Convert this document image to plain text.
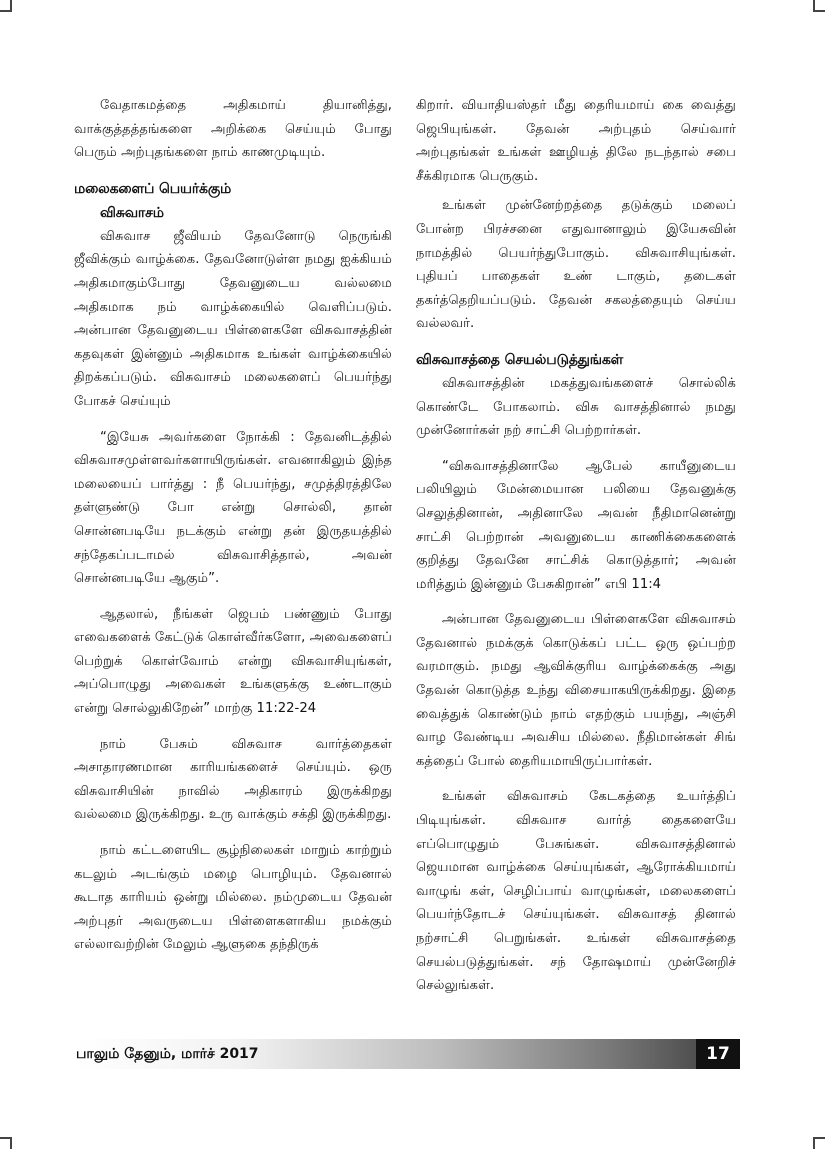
வேதாகமத்தை அதிகமாய் தியானித்து, வாக்குத்தத்தங்களை அறிக்கை செய்யும் போது பெரும் அற்புதங்களை நாம் காணமுடியும்.

மலைகளைப் பெயர்க்கும்
விசுவாசம்

விசுவாச ஜீவியம் தேவனோடு நெருங்கி ஜீவிக்கும் வாழ்க்கை. தேவனோடுள்ள நமது ஐக்கியம் அதிகமாகும்போது தேவனுடைய வல்லமை அதிகமாக நம் வாழ்க்கையில் வெளிப்படும். அன்பான தேவனுடைய பிள்ளைகளே விசுவாசத்தின் கதவுகள் இன்னும் அதிகமாக உங்கள் வாழ்க்கையில் திறக்கப்படும். விசுவாசம் மலைகளைப் பெயர்ந்து போகச் செய்யும்

“இயேசு அவர்களை நோக்கி : தேவனிடத்தில் விசுவாசமுள்ளவர்களாயிருங்கள். எவனாகிலும் இந்த மலையைப் பார்த்து : நீ பெயர்ந்து, சமுத்திரத்திலே தள்ளுண்டு போ என்று சொல்லி, தான் சொன்னபடியே நடக்கும் என்று தன் இருதயத்தில் சந்தேகப்படாமல் விசுவாசித்தால், அவன் சொன்னபடியே ஆகும்”.

ஆதலால், நீங்கள் ஜெபம் பண்ணும் போது எவைகளைக் கேட்டுக் கொள்வீர்களோ, அவைகளைப் பெற்றுக் கொள்வோம் என்று விசுவாசியுங்கள், அப்பொழுது அவைகள் உங்களுக்கு உண்டாகும் என்று சொல்லுகிறேன்” மாற்கு 11:22-24

நாம் பேசும் விசுவாச வார்த்தைகள் அசாதாரணமான காரியங்களைச் செய்யும். ஒரு விசுவாசியின் நாவில் அதிகாரம் இருக்கிறது வல்லமை இருக்கிறது. உரு வாக்கும் சக்தி இருக்கிறது.

நாம் கட்டளையிட சூழ்நிலைகள் மாறும் காற்றும் கடலும் அடங்கும் மழை பொழியும். தேவனால் கூடாத காரியம் ஒன்று மில்லை. நம்முடைய தேவன் அற்புதர் அவருடைய பிள்ளைகளாகிய நமக்கும் எல்லாவற்றின் மேலும் ஆளுகை தந்திருக்

கிறார். வியாதியஸ்தர் மீது தைரியமாய் கை வைத்து ஜெபியுங்கள். தேவன் அற்புதம் செய்வார் அற்புதங்கள் உங்கள் ஊழியத் திலே நடந்தால் சபை சீக்கிரமாக பெருகும்.

உங்கள் முன்னேற்றத்தை தடுக்கும் மலைப் போன்ற பிரச்சனை எதுவானாலும் இயேசுவின் நாமத்தில் பெயர்ந்துபோகும். விசுவாசியுங்கள். புதியப் பாதைகள் உண் டாகும், தடைகள் தகர்த்தெறியப்படும். தேவன் சகலத்தையும் செய்ய வல்லவர்.

விசுவாசத்தை செயல்படுத்துங்கள்

விசுவாசத்தின் மகத்துவங்களைச் சொல்லிக் கொண்டே போகலாம். விசு வாசத்தினால் நமது முன்னோர்கள் நற் சாட்சி பெற்றார்கள்.

“விசுவாசத்தினாலே ஆபேல் காயீனுடைய பலியிலும் மேன்மையான பலியை தேவனுக்கு செலுத்தினான், அதினாலே அவன் நீதிமானென்று சாட்சி பெற்றான் அவனுடைய காணிக்கைகளைக் குறித்து தேவனே சாட்சிக் கொடுத்தார்; அவன் மரித்தும் இன்னும் பேசுகிறான்” எபி 11:4

அன்பான தேவனுடைய பிள்ளைகளே விசுவாசம் தேவனால் நமக்குக் கொடுக்கப் பட்ட ஒரு ஒப்பற்ற வரமாகும். நமது ஆவிக்குரிய வாழ்க்கைக்கு அது தேவன் கொடுத்த உந்து விசையாகயிருக்கிறது. இதை வைத்துக் கொண்டும் நாம் எதற்கும் பயந்து, அஞ்சி வாழ வேண்டிய அவசிய மில்லை. நீதிமான்கள் சிங் கத்தைப் போல் தைரியமாயிருப்பார்கள்.

உங்கள் விசுவாசம் கேடகத்தை உயர்த்திப் பிடியுங்கள். விசுவாச வார்த் தைகளையே எப்பொழுதும் பேசுங்கள். விசுவாசத்தினால் ஜெயமான வாழ்க்கை செய்யுங்கள், ஆரோக்கியமாய் வாழுங் கள், செழிப்பாய் வாழுங்கள், மலைகளைப் பெயர்ந்தோடச் செய்யுங்கள். விசுவாசத் தினால் நற்சாட்சி பெறுங்கள். உங்கள் விசுவாசத்தை செயல்படுத்துங்கள். சந் தோஷமாய் முன்னேறிச் செல்லுங்கள்.

பாலும் தேனும், மார்ச் 2017	17
